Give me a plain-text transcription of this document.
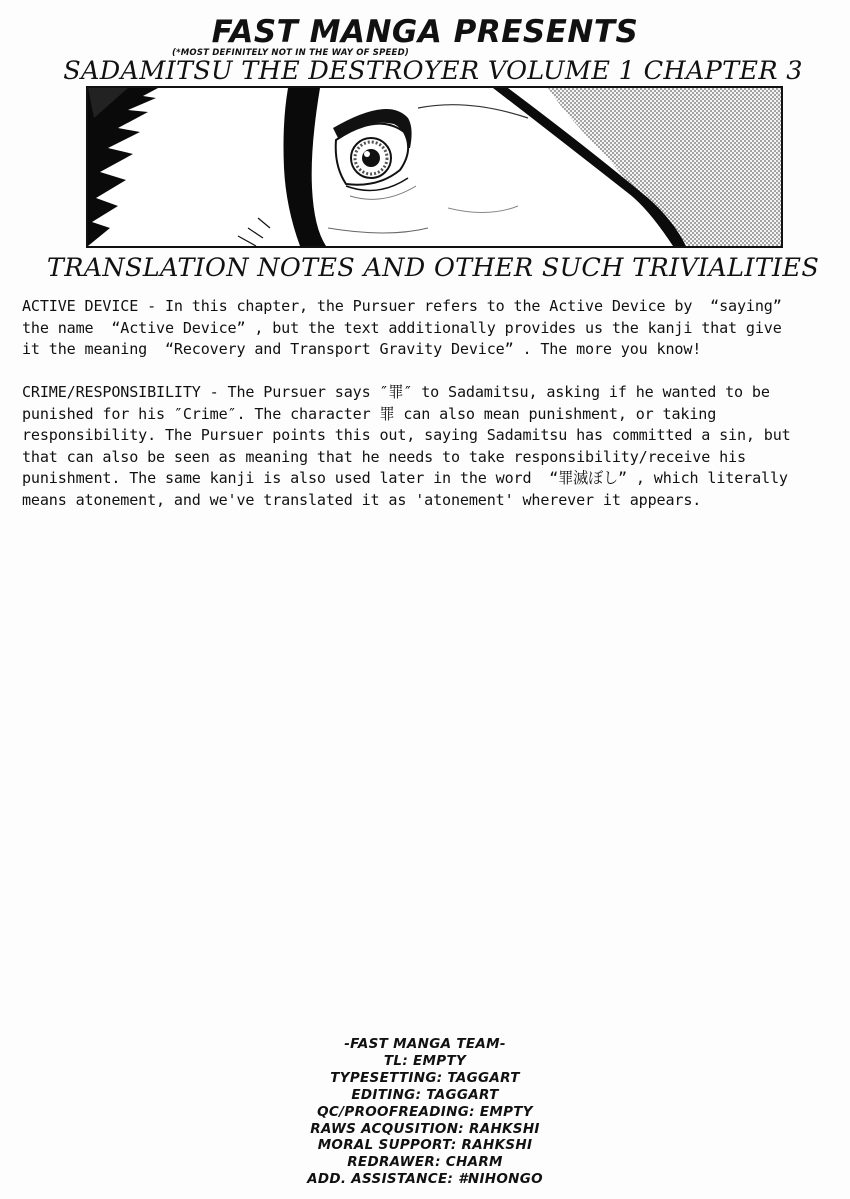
FAST MANGA PRESENTS
(*MOST DEFINITELY NOT IN THE WAY OF SPEED)
SADAMITSU THE DESTROYER VOLUME 1 CHAPTER 3
TRANSLATION NOTES AND OTHER SUCH TRIVIALITIES
ACTIVE DEVICE - In this chapter, the Pursuer refers to the Active Device by  “saying”
the name  “Active Device” , but the text additionally provides us the kanji that give
it the meaning  “Recovery and Transport Gravity Device” . The more you know!
CRIME/RESPONSIBILITY - The Pursuer says ″罪″ to Sadamitsu, asking if he wanted to be
punished for his ″Crime″. The character 罪 can also mean punishment, or taking
responsibility. The Pursuer points this out, saying Sadamitsu has committed a sin, but
that can also be seen as meaning that he needs to take responsibility/receive his
punishment. The same kanji is also used later in the word  “罪滅ぼし” , which literally
means atonement, and we've translated it as 'atonement' wherever it appears.
-FAST MANGA TEAM-
TL: EMPTY
TYPESETTING: TAGGART
EDITING: TAGGART
QC/PROOFREADING: EMPTY
RAWS ACQUSITION: RAHKSHI
MORAL SUPPORT: RAHKSHI
REDRAWER: CHARM
ADD. ASSISTANCE: #NIHONGO
